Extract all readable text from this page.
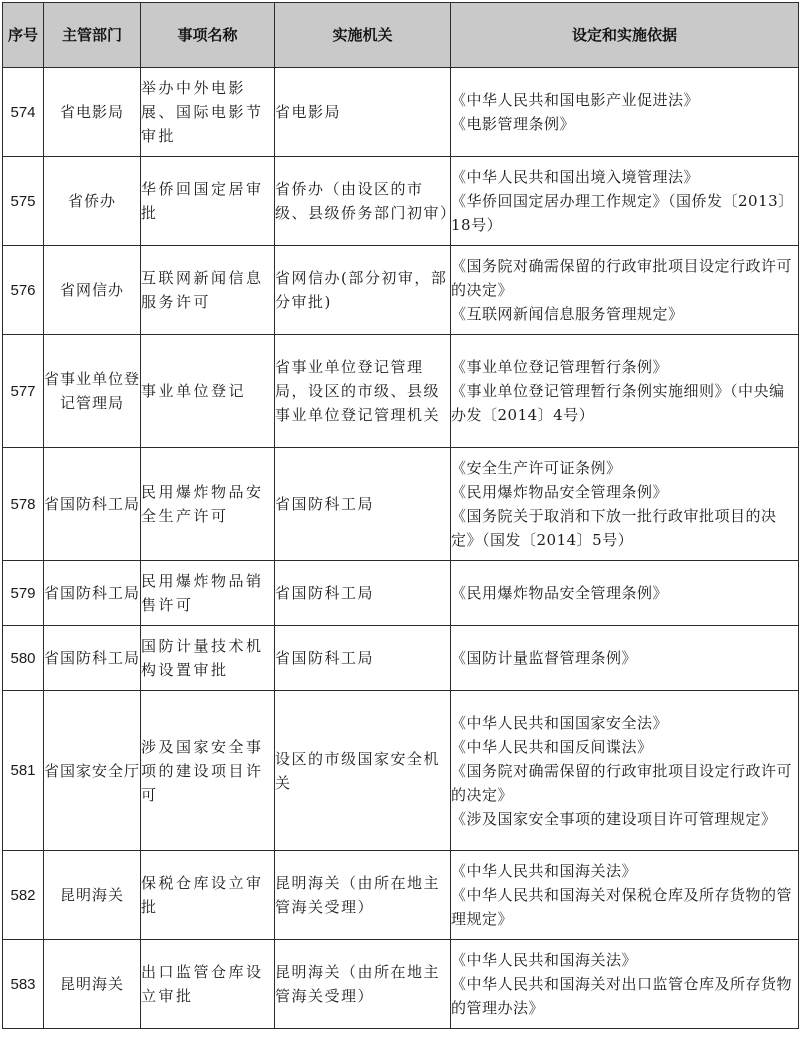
序号	主管部门	事项名称	实施机关	设定和实施依据
574	省电影局	举办中外电影展、国际电影节审批	省电影局	《中华人民共和国电影产业促进法》
《电影管理条例》

575	省侨办	华侨回国定居审批	省侨办（由设区的市级、县级侨务部门初审）	《中华人民共和国出境入境管理法》
《华侨回国定居办理工作规定》（国侨发〔2013〕18号）

576	省网信办	互联网新闻信息服务许可	省网信办(部分初审，部分审批)	《国务院对确需保留的行政审批项目设定行政许可的决定》
《互联网新闻信息服务管理规定》

577	省事业单位登记管理局	事业单位登记	省事业单位登记管理局，设区的市级、县级事业单位登记管理机关	《事业单位登记管理暂行条例》
《事业单位登记管理暂行条例实施细则》（中央编办发〔2014〕4号）

578	省国防科工局	民用爆炸物品安全生产许可	省国防科工局	《安全生产许可证条例》
《民用爆炸物品安全管理条例》
《国务院关于取消和下放一批行政审批项目的决定》（国发〔2014〕5号）

579	省国防科工局	民用爆炸物品销售许可	省国防科工局	《民用爆炸物品安全管理条例》

580	省国防科工局	国防计量技术机构设置审批	省国防科工局	《国防计量监督管理条例》

581	省国家安全厅	涉及国家安全事项的建设项目许可	设区的市级国家安全机关	《中华人民共和国国家安全法》
《中华人民共和国反间谍法》
《国务院对确需保留的行政审批项目设定行政许可的决定》
《涉及国家安全事项的建设项目许可管理规定》

582	昆明海关	保税仓库设立审批	昆明海关（由所在地主管海关受理）	《中华人民共和国海关法》
《中华人民共和国海关对保税仓库及所存货物的管理规定》

583	昆明海关	出口监管仓库设立审批	昆明海关（由所在地主管海关受理）	《中华人民共和国海关法》
《中华人民共和国海关对出口监管仓库及所存货物的管理办法》
